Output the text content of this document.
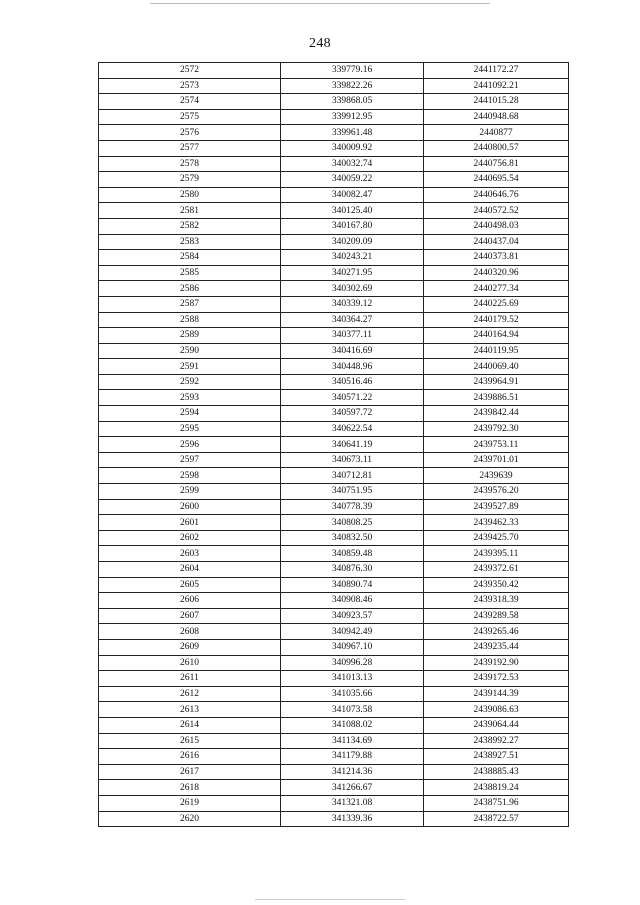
248
2572	339779.16	2441172.27
2573	339822.26	2441092.21
2574	339868.05	2441015.28
2575	339912.95	2440948.68
2576	339961.48	2440877
2577	340009.92	2440800.57
2578	340032.74	2440756.81
2579	340059.22	2440695.54
2580	340082.47	2440646.76
2581	340125.40	2440572.52
2582	340167.80	2440498.03
2583	340209.09	2440437.04
2584	340243.21	2440373.81
2585	340271.95	2440320.96
2586	340302.69	2440277.34
2587	340339.12	2440225.69
2588	340364.27	2440179.52
2589	340377.11	2440164.94
2590	340416.69	2440119.95
2591	340448.96	2440069.40
2592	340516.46	2439964.91
2593	340571.22	2439886.51
2594	340597.72	2439842.44
2595	340622.54	2439792.30
2596	340641.19	2439753.11
2597	340673.11	2439701.01
2598	340712.81	2439639
2599	340751.95	2439576.20
2600	340778.39	2439527.89
2601	340808.25	2439462.33
2602	340832.50	2439425.70
2603	340859.48	2439395.11
2604	340876.30	2439372.61
2605	340890.74	2439350.42
2606	340908.46	2439318.39
2607	340923.57	2439289.58
2608	340942.49	2439265.46
2609	340967.10	2439235.44
2610	340996.28	2439192.90
2611	341013.13	2439172.53
2612	341035.66	2439144.39
2613	341073.58	2439086.63
2614	341088.02	2439064.44
2615	341134.69	2438992.27
2616	341179.88	2438927.51
2617	341214.36	2438885.43
2618	341266.67	2438819.24
2619	341321.08	2438751.96
2620	341339.36	2438722.57
